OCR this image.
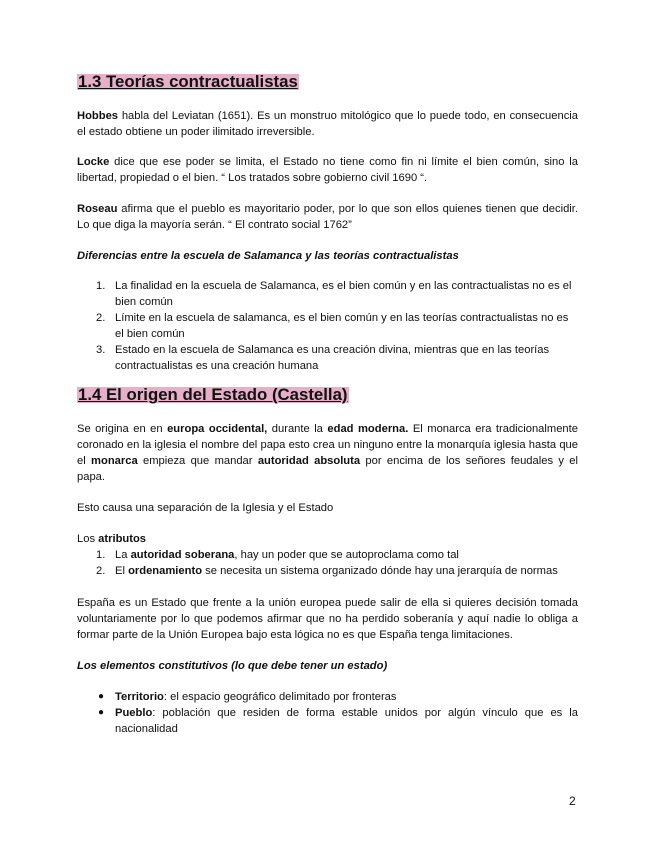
1.3 Teorías contractualistas

Hobbes habla del Leviatan (1651). Es un monstruo mitológico que lo puede todo, en consecuencia el estado obtiene un poder ilimitado irreversible.

Locke dice que ese poder se limita, el Estado no tiene como fin ni límite el bien común, sino la libertad, propiedad o el bien. “ Los tratados sobre gobierno civil 1690 “.

Roseau afirma que el pueblo es mayoritario poder, por lo que son ellos quienes tienen que decidir. Lo que diga la mayoría serán. “ El contrato social 1762”

Diferencias entre la escuela de Salamanca y las teorías contractualistas

1. La finalidad en la escuela de Salamanca, es el bien común y en las contractualistas no es el bien común
2. Límite en la escuela de salamanca, es el bien común y en las teorías contractualistas no es el bien común
3. Estado en la escuela de Salamanca es una creación divina, mientras que en las teorías contractualistas es una creación humana
1.4 El origen del Estado (Castella)

Se origina en en europa occidental, durante la edad moderna. El monarca era tradicionalmente coronado en la iglesia el nombre del papa esto crea un ninguno entre la monarquía iglesia hasta que el monarca empieza que mandar autoridad absoluta por encima de los señores feudales y el papa.

Esto causa una separación de la Iglesia y el Estado

Los atributos

1. La autoridad soberana, hay un poder que se autoproclama como tal
2. El ordenamiento se necesita un sistema organizado dónde hay una jerarquía de normas

España es un Estado que frente a la unión europea puede salir de ella si quieres decisión tomada voluntariamente por lo que podemos afirmar que no ha perdido soberanía y aquí nadie lo obliga a formar parte de la Unión Europea bajo esta lógica no es que España tenga limitaciones.

Los elementos constitutivos (lo que debe tener un estado)

● Territorio: el espacio geográfico delimitado por fronteras
● Pueblo: población que residen de forma estable unidos por algún vínculo que es la nacionalidad
2
